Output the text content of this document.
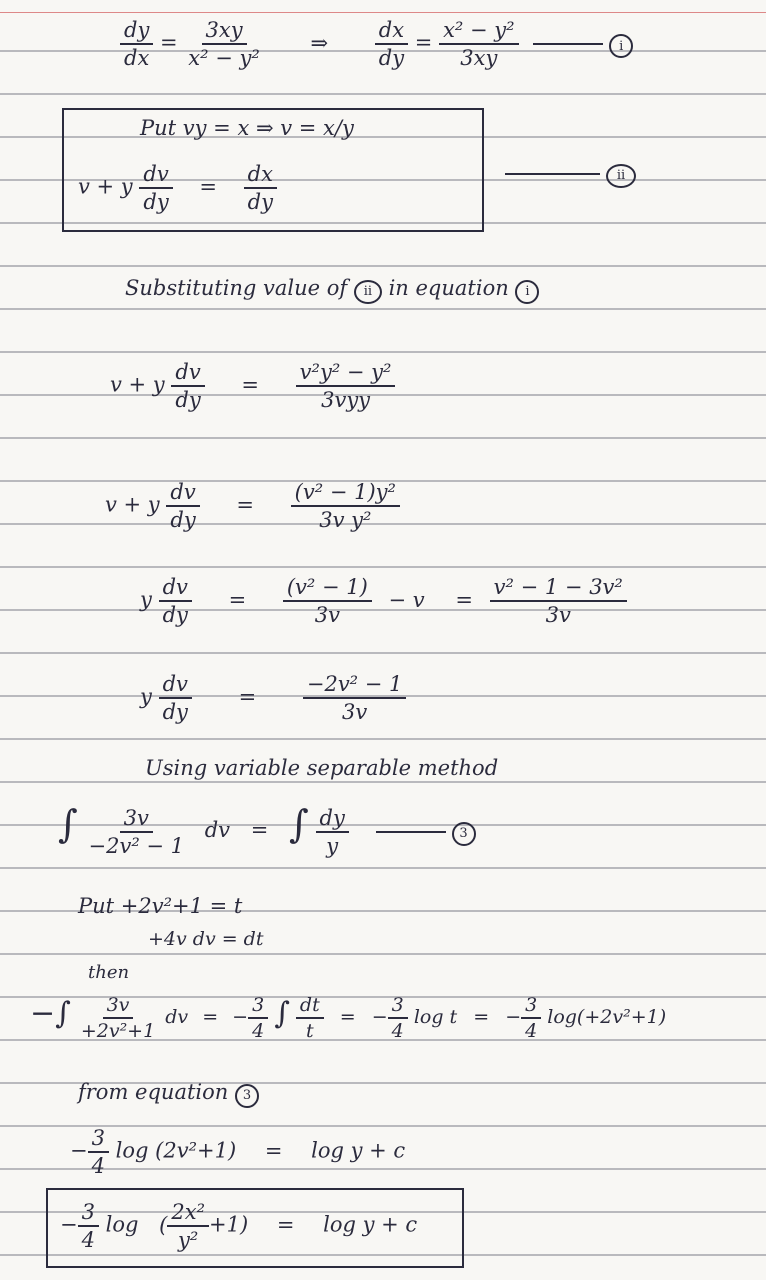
$\frac{dy}{dx} = \frac{3xy}{\text{x² − y²}}$ ⇒ $\frac{dx}{dy} = \frac{\text{x² − y²}}{3xy}$	i
Put vy = x ⇒ v = x/y
v + y $\frac{dv}{dy} = \frac{dx}{dy}$	ii
Substituting value of ii in equation i
v + y $\frac{dv}{dy} = \frac{\text{v²y² − y²}}{\text{3vyy}}$
v + y $\frac{dv}{dy} = \frac{\text{(v² − 1)y²}}{\text{3v y²}}$
y $\frac{dv}{dy} = \frac{\text{(v² − 1)}}{3v} - v = \frac{\text{v² − 1 − 3v²}}{3v}$
y $\frac{dv}{dy} = \frac{\text{−2v² − 1}}{3v}$
Using variable separable method
∫ $\frac{3v}{\text{−2v² − 1}}$ dv = ∫ $\frac{dy}{y}$	3
Put +2v²+1 = t
+4v dv = dt
then
−∫ $\frac{3v}{\text{+2v²+1}}$ dv = − $\frac{3}{4}$ ∫ $\frac{dt}{t}$ = − $\frac{3}{4}$ log t = − $\frac{3}{4} \log(+2v^2+1)$
from equation 3
− $\frac{3}{4}$ log (2v²+1) = log y + c
− $\frac{3}{4}$ log ( $\frac{\text{2x²}}{\text{y²}} +1) = \log y + c$
